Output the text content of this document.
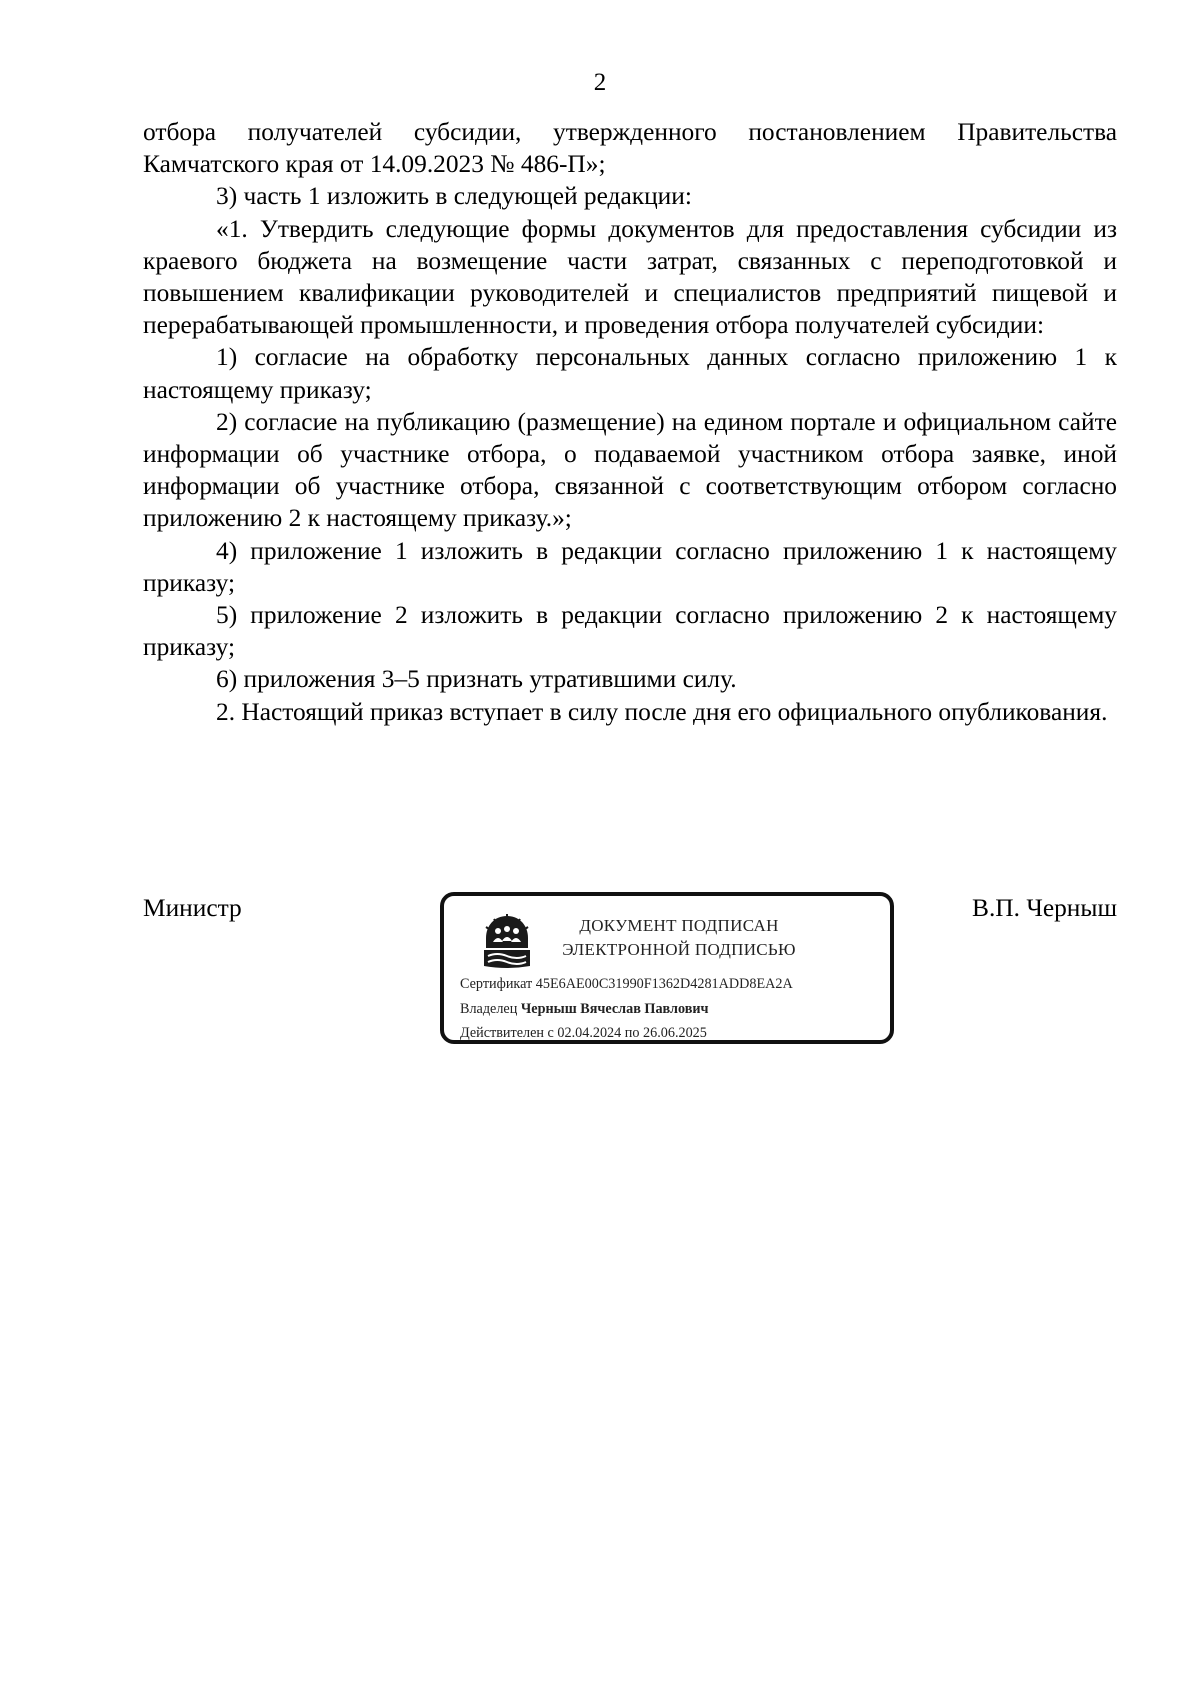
2

отбора получателей субсидии, утвержденного постановлением Правительства Камчатского края от 14.09.2023 № 486-П»;

3) часть 1 изложить в следующей редакции:

«1. Утвердить следующие формы документов для предоставления субсидии из краевого бюджета на возмещение части затрат, связанных с переподготовкой и повышением квалификации руководителей и специалистов предприятий пищевой и перерабатывающей промышленности, и проведения отбора получателей субсидии:

1) согласие на обработку персональных данных согласно приложению 1 к настоящему приказу;

2) согласие на публикацию (размещение) на едином портале и официальном сайте информации об участнике отбора, о подаваемой участником отбора заявке, иной информации об участнике отбора, связанной с соответствующим отбором согласно приложению 2 к настоящему приказу.»;

4) приложение 1 изложить в редакции согласно приложению 1 к настоящему приказу;

5) приложение 2 изложить в редакции согласно приложению 2 к настоящему приказу;

6) приложения 3–5 признать утратившими силу.

2. Настоящий приказ вступает в силу после дня его официального опубликования.

Министр
ДОКУМЕНТ ПОДПИСАН
ЭЛЕКТРОННОЙ ПОДПИСЬЮ
Сертификат 45E6AE00C31990F1362D4281ADD8EA2A
Владелец Черныш Вячеслав Павлович
Действителен с 02.04.2024 по 26.06.2025
В.П. Черныш
